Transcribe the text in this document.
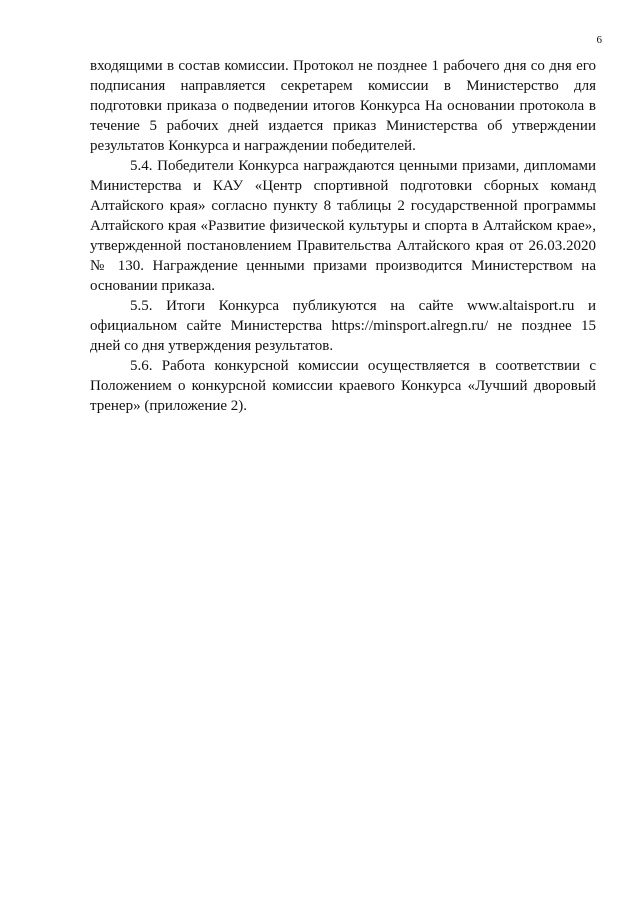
6

входящими в состав комиссии. Протокол не позднее 1 рабочего дня со дня его подписания направляется секретарем комиссии в Министерство для подготовки приказа о подведении итогов Конкурса На основании протокола в течение 5 рабочих дней издается приказ Министерства об утверждении результатов Конкурса и награждении победителей.

5.4. Победители Конкурса награждаются ценными призами, дипломами Министерства и КАУ «Центр спортивной подготовки сборных команд Алтайского края» согласно пункту 8 таблицы 2 государственной программы Алтайского края «Развитие физической культуры и спорта в Алтайском крае», утвержденной постановлением Правительства Алтайского края от 26.03.2020 № 130. Награждение ценными призами производится Министерством на основании приказа.

5.5. Итоги Конкурса публикуются на сайте www.altaisport.ru и официальном сайте Министерства https://minsport.alregn.ru/ не позднее 15 дней со дня утверждения результатов.

5.6. Работа конкурсной комиссии осуществляется в соответствии с Положением о конкурсной комиссии краевого Конкурса «Лучший дворовый тренер» (приложение 2).
